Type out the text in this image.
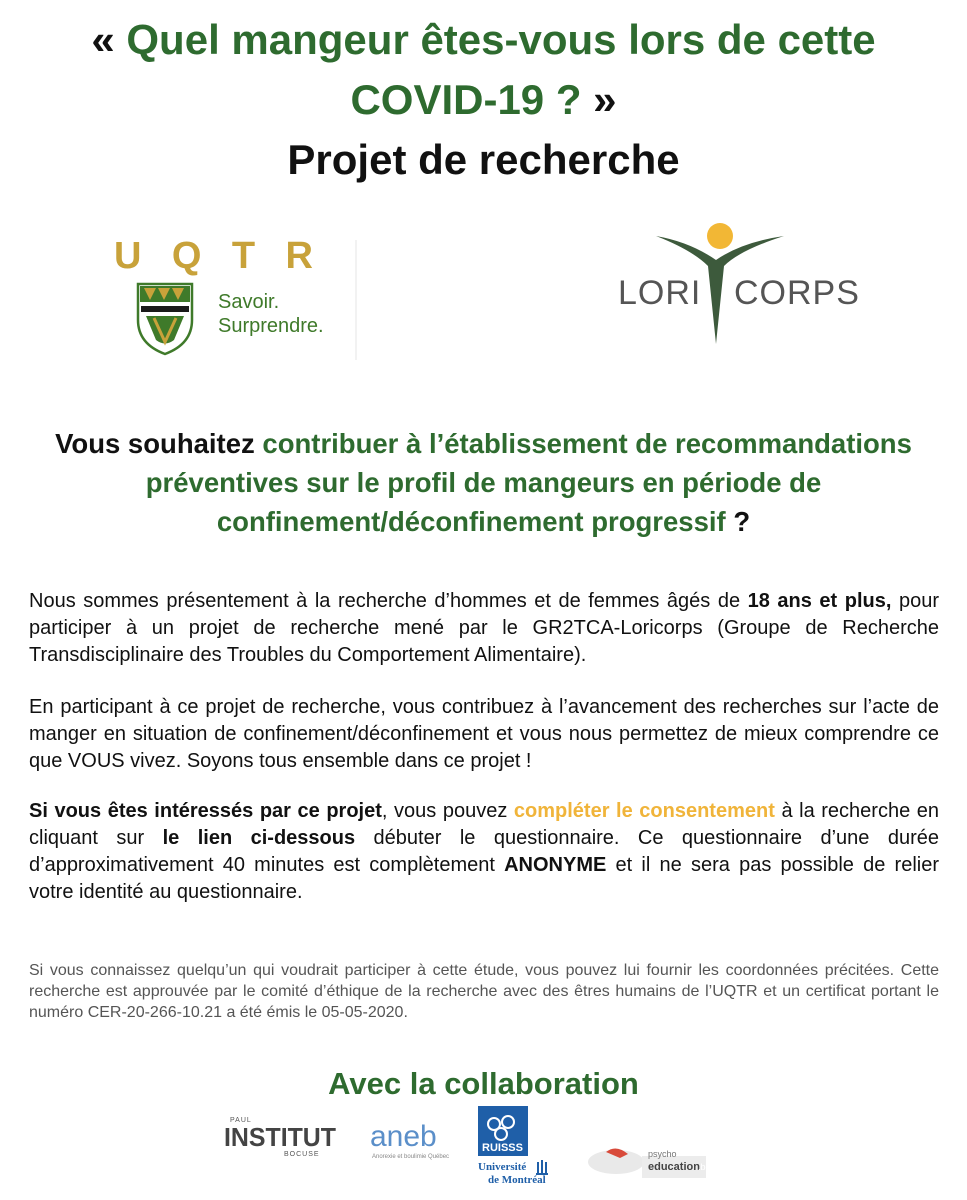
« Quel mangeur êtes-vous lors de cette
COVID-19 ? »
Projet de recherche
UQTR
Savoir.
Surprendre.
LORI CORPS
Vous souhaitez contribuer à l’établissement de recommandations préventives sur le profil de mangeurs en période de confinement/déconfinement progressif ?
Nous sommes présentement à la recherche d’hommes et de femmes âgés de 18 ans et plus, pour participer à un projet de recherche mené par le GR2TCA-Loricorps (Groupe de Recherche Transdisciplinaire des Troubles du Comportement Alimentaire).
En participant à ce projet de recherche, vous contribuez à l’avancement des recherches sur l’acte de manger en situation de confinement/déconfinement et vous nous permettez de mieux comprendre ce que VOUS vivez. Soyons tous ensemble dans ce projet !
Si vous êtes intéressés par ce projet, vous pouvez compléter le consentement à la recherche en cliquant sur le lien ci-dessous débuter le questionnaire. Ce questionnaire d’une durée d’approximativement 40 minutes est complètement ANONYME et il ne sera pas possible de relier votre identité au questionnaire.
Si vous connaissez quelqu’un qui voudrait participer à cette étude, vous pouvez lui fournir les coordonnées précitées. Cette recherche est approuvée par le comité d’éthique de la recherche avec des êtres humains de l’UQTR et un certificat portant le numéro CER-20-266-10.21 a été émis le 05-05-2020.
Avec la collaboration
PAUL
INSTITUT
BOCUSE
aneb
Anorexie et boulimie Québec
RUISSS
Université
de Montréal
psycho
education
.be
